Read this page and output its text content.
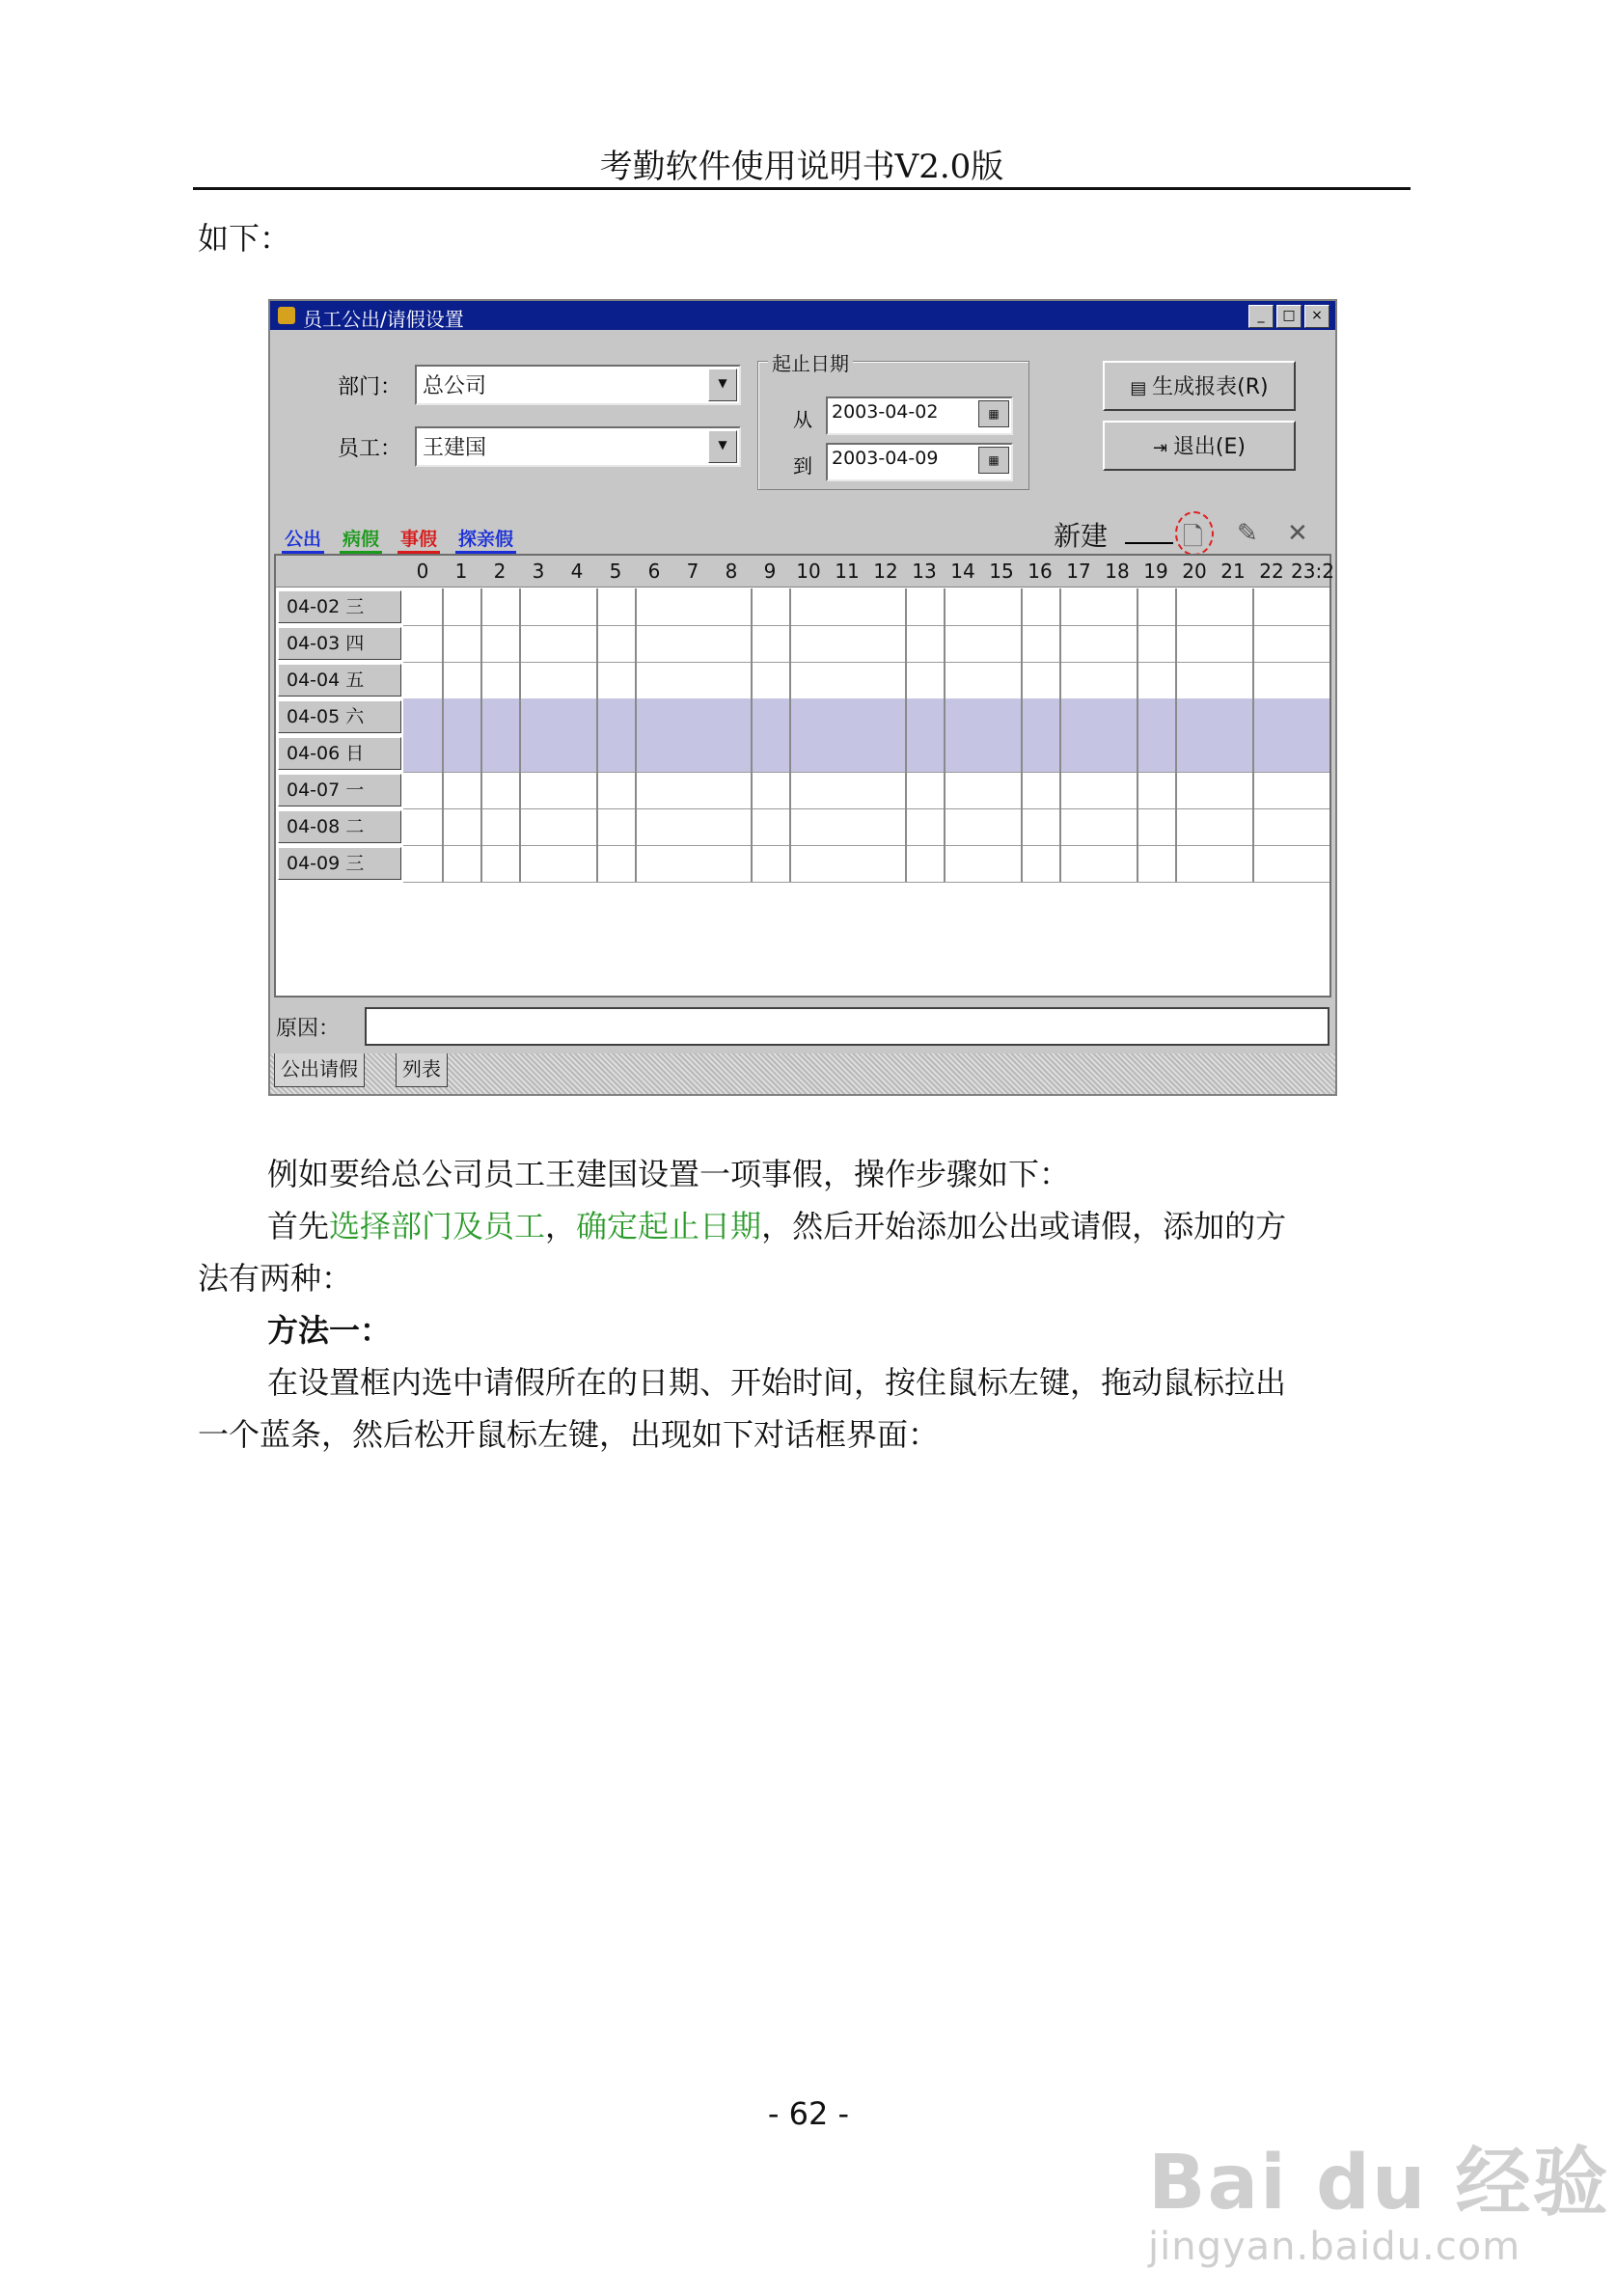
考勤软件使用说明书V2.0版
如下：
员工公出/请假设置	_	□	×
部门： 总公司	▼
员工： 王建国	▼
起止日期
从 2003-04-02	▦
到 2003-04-09	▦
▤ 生成报表(R)
⇥ 退出(E)
公出 病假 事假 探亲假	新建	🗋 ✎ ✕
0	1	2	3	4	5	6	7	8	9	10 11 12 13 14 15 16 17 18 19 20 21 22 23:2
04-02 三
04-03 四
04-04 五
04-05 六
04-06 日
04-07 一
04-08 二
04-09 三
原因：
公出请假	列表
例如要给总公司员工王建国设置一项事假，操作步骤如下：
首先选择部门及员工，确定起止日期，然后开始添加公出或请假，添加的方
法有两种：
方法一：
在设置框内选中请假所在的日期、开始时间，按住鼠标左键，拖动鼠标拉出
一个蓝条，然后松开鼠标左键，出现如下对话框界面：
- 62 -
Bai du 经验
jingyan.baidu.com
